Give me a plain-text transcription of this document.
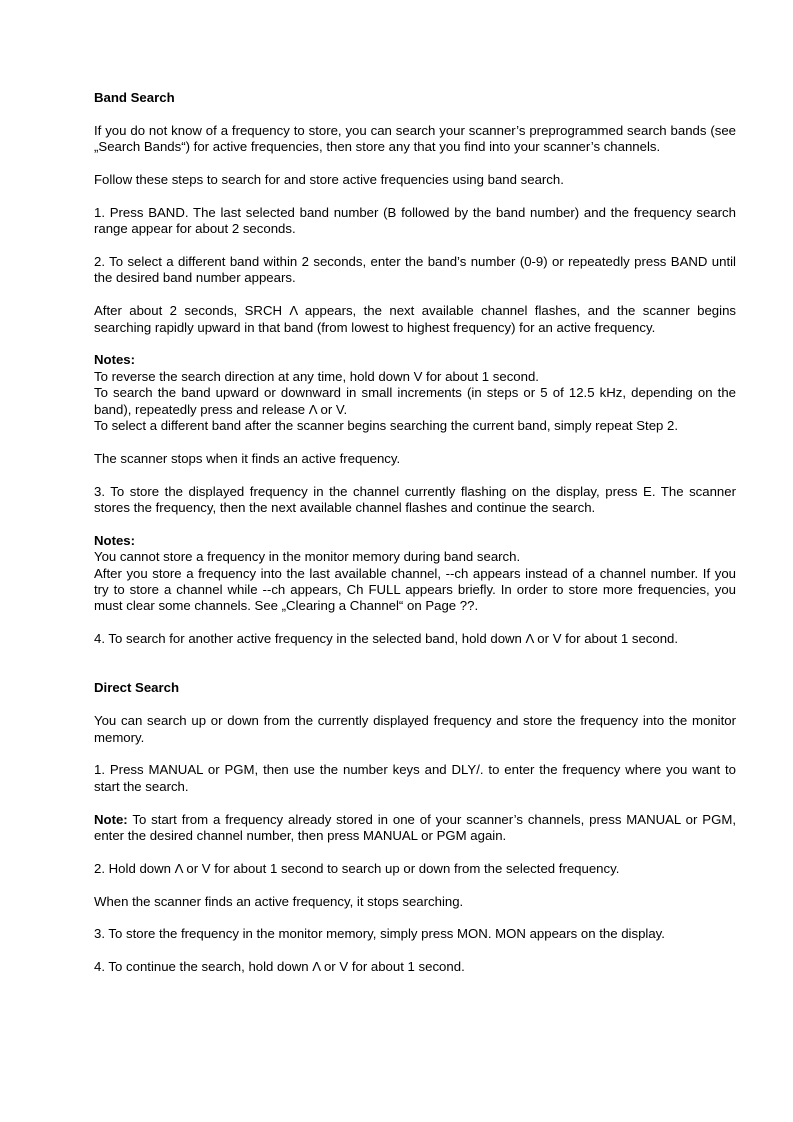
Band Search

If you do not know of a frequency to store, you can search your scanner’s preprogrammed search bands (see „Search Bands“) for active frequencies, then store any that you find into your scanner’s channels.

Follow these steps to search for and store active frequencies using band search.

1. Press BAND. The last selected band number (B followed by the band number) and the frequency search range appear for about 2 seconds.

2. To select a different band within 2 seconds, enter the band’s number (0-9) or repeatedly press BAND until the desired band number appears.

After about 2 seconds, SRCH Λ appears, the next available channel flashes, and the scanner begins searching rapidly upward in that band (from lowest to highest frequency) for an active frequency.

Notes:

To reverse the search direction at any time, hold down V for about 1 second.

To search the band upward or downward in small increments (in steps or 5 of 12.5 kHz, depending on the band), repeatedly press and release Λ or V.

To select a different band after the scanner begins searching the current band, simply repeat Step 2.

The scanner stops when it finds an active frequency.

3. To store the displayed frequency in the channel currently flashing on the display, press E. The scanner stores the frequency, then the next available channel flashes and continue the search.

Notes:

You cannot store a frequency in the monitor memory during band search.

After you store a frequency into the last available channel, --ch appears instead of a channel number. If you try to store a channel while --ch appears, Ch FULL appears briefly. In order to store more frequencies, you must clear some channels. See „Clearing a Channel“ on Page ??.

4. To search for another active frequency in the selected band, hold down Λ or V for about 1 second.

Direct Search

You can search up or down from the currently displayed frequency and store the frequency into the monitor memory.

1. Press MANUAL or PGM, then use the number keys and DLY/. to enter the frequency where you want to start the search.

Note: To start from a frequency already stored in one of your scanner’s channels, press MANUAL or PGM, enter the desired channel number, then press MANUAL or PGM again.

2. Hold down Λ or V for about 1 second to search up or down from the selected frequency.

When the scanner finds an active frequency, it stops searching.

3. To store the frequency in the monitor memory, simply press MON. MON appears on the display.

4. To continue the search, hold down Λ or V for about 1 second.
